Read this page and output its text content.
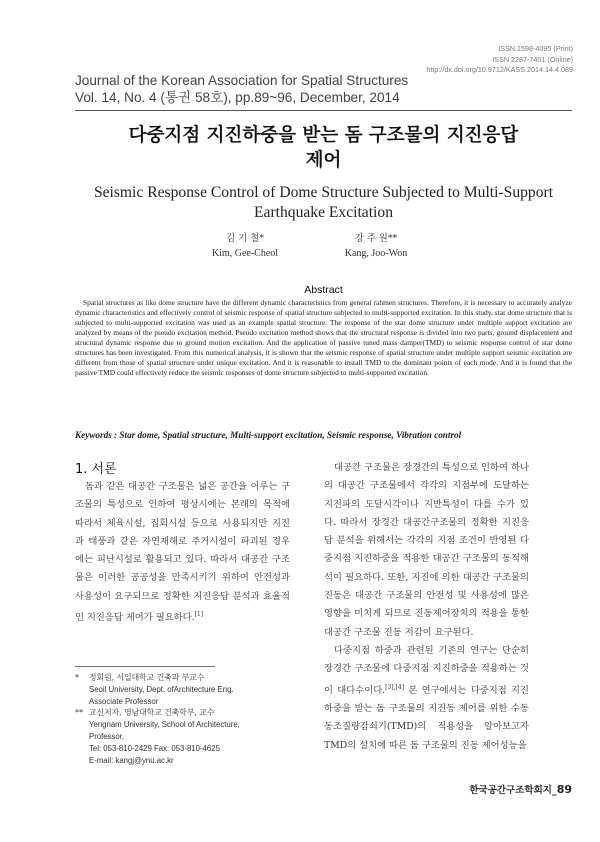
ISSN 1598-4095 (Print)
ISSN 2287-7401 (Online)
http://dx.doi.org/10.9712/KASS.2014.14.4.089
Journal of the Korean Association for Spatial Structures
Vol. 14, No. 4 (통권 58호), pp.89~96, December, 2014
다중지점 지진하중을 받는 돔 구조물의 지진응답
제어
Seismic Response Control of Dome Structure Subjected to Multi-Support
Earthquake Excitation
김 기 철*
Kim, Gee-Cheol
강 주 원**
Kang, Joo-Won
Abstract
Spatial structures as like dome structure have the different dynamic characteristics from general rahmen structures. Therefore, it is necessary to accurately analyze dynamic characteristics and effectively control of seismic response of spatial structure subjected to multi-supported excitation. In this study, star dome structure that is subjected to multi-supported excitation was used as an example spatial structure. The response of the star dome structure under multiple support excitation are analyzed by means of the pseudo excitation method. Pseudo excitation method shows that the structural response is divided into two parts, ground displacement and structural dynamic response due to ground motion excitation. And the application of passive tuned mass damper(TMD) to seismic response control of star dome structures has been investigated. From this numerical analysis, it is shown that the seismic response of spatial structure under multiple support seismic excitation are different from those of spatial structure under unique excitation. And it is reasonable to install TMD to the dominant points of each mode. And it is found that the passive TMD could effectively reduce the seismic responses of dome structure subjected to multi-supported excitation.
Keywords : Star dome, Spatial structure, Multi-support excitation, Seismic response, Vibration control
1. 서론

돔과 같은 대공간 구조물은 넓은 공간을 이루는 구조물의 특성으로 인하여 평상시에는 본래의 목적에 따라서 체육시설, 집회시설 등으로 사용되지만 지진과 태풍과 같은 자연재해로 주거시설이 파괴된 경우에는 피난시설로 활용되고 있다. 따라서 대공간 구조물은 이러한 공공성을 만족시키기 위하여 안전성과 사용성이 요구되므로 정확한 지진응답 분석과 효율적인 지진응답 제어가 필요하다.[1]

대공간 구조물은 장경간의 특성으로 인하여 하나의 대공간 구조물에서 각각의 지점부에 도달하는 지진파의 도달시각이나 지반특성이 다를 수가 있다. 따라서 장경간 대공간구조물의 정확한 지진응답 분석을 위해서는 각각의 지점 조건이 반영된 다중지점 지진하중을 적용한 대공간 구조물의 동적해석이 필요하다. 또한, 지진에 의한 대공간 구조물의 진동은 대공간 구조물의 안전성 및 사용성에 많은 영향을 미치게 되므로 진동제어장치의 적용을 통한 대공간 구조물 진동 저감이 요구된다.

다중지점 하중과 관련된 기존의 연구는 단순히 장경간 구조물에 다중지점 지진하중을 적용하는 것이 대다수이다.[3],[4] 본 연구에서는 다중지점 지진하중을 받는 돔 구조물의 지진동 제어를 위한 수동 동조질량감쇠기(TMD)의 적용성을 알아보고자 TMD의 설치에 따른 돔 구조물의 진동 제어성능을

*	정회원, 서일대학교 건축과 부교수
Seoil University, Dept. ofArchitecture Eng.
Associate Professor
** 교신저자, 영남대학교 건축학부, 교수
Yengnam University, School of Architecture,
Professor,
Tel: 053-810-2429 Fax: 053-810-4625
E-mail: kangj@ynu.ac.kr
한국공간구조학회지_89
